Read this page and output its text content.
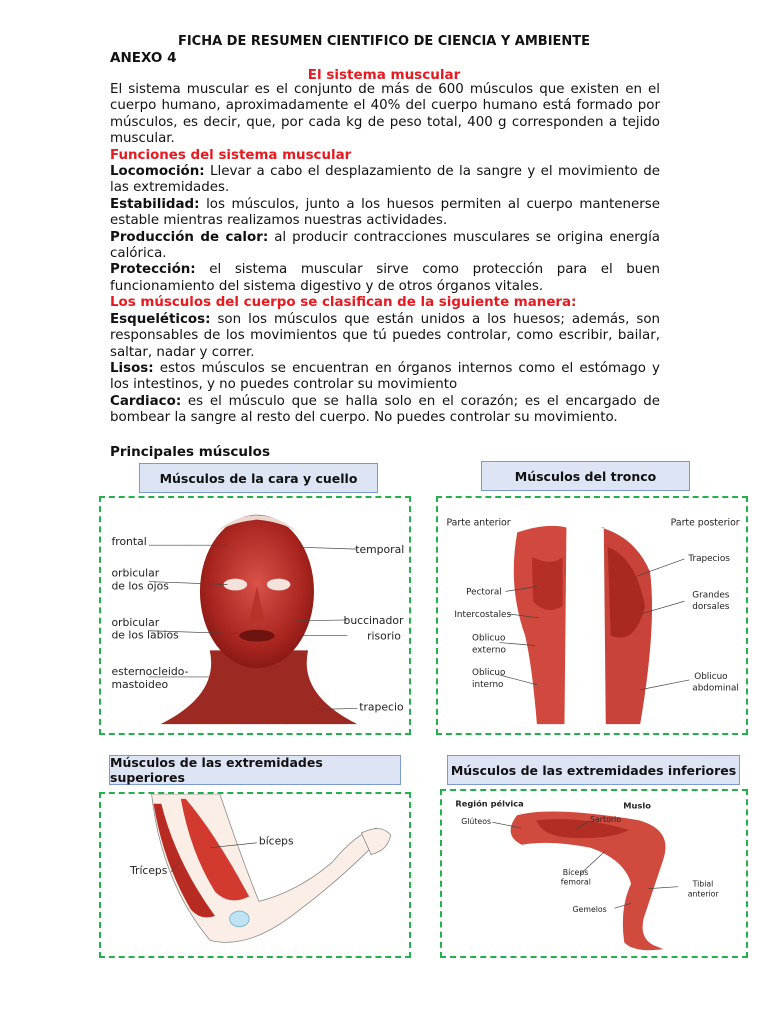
FICHA DE RESUMEN CIENTIFICO DE CIENCIA Y AMBIENTE
ANEXO 4
El sistema muscular

El sistema muscular es el conjunto de más de 600 músculos que existen en el cuerpo humano, aproximadamente el 40% del cuerpo humano está formado por músculos, es decir, que, por cada kg de peso total, 400 g corresponden a tejido muscular.

Funciones del sistema muscular

Locomoción: Llevar a cabo el desplazamiento de la sangre y el movimiento de las extremidades.

Estabilidad: los músculos, junto a los huesos permiten al cuerpo mantenerse estable mientras realizamos nuestras actividades.

Producción de calor: al producir contracciones musculares se origina energía calórica.

Protección: el sistema muscular sirve como protección para el buen funcionamiento del sistema digestivo y de otros órganos vitales.

Los músculos del cuerpo se clasifican de la siguiente manera:

Esqueléticos: son los músculos que están unidos a los huesos; además, son responsables de los movimientos que tú puedes controlar, como escribir, bailar, saltar, nadar y correr.

Lisos: estos músculos se encuentran en órganos internos como el estómago y los intestinos, y no puedes controlar su movimiento

Cardiaco: es el músculo que se halla solo en el corazón; es el encargado de bombear la sangre al resto del cuerpo. No puedes controlar su movimiento.

Principales músculos
Músculos de la cara y cuello	Músculos del tronco
Músculos de las extremidades superiores	Músculos de las extremidades inferiores
frontal
orbicular
de los ojos
orbicular
de los labios
esternocleido-
mastoideo
temporal
buccinador
risorio
trapecio
Parte anterior	Parte posterior
Pectoral
Intercostales
Oblicuo
externo
Oblicuo
interno
Trapecios
Grandes
dorsales
Oblicuo
abdominal
bíceps
Tríceps
Región pélvica	Muslo
Glúteos	Sartorio
Bíceps
femoral
Gemelos
Tibial
anterior
